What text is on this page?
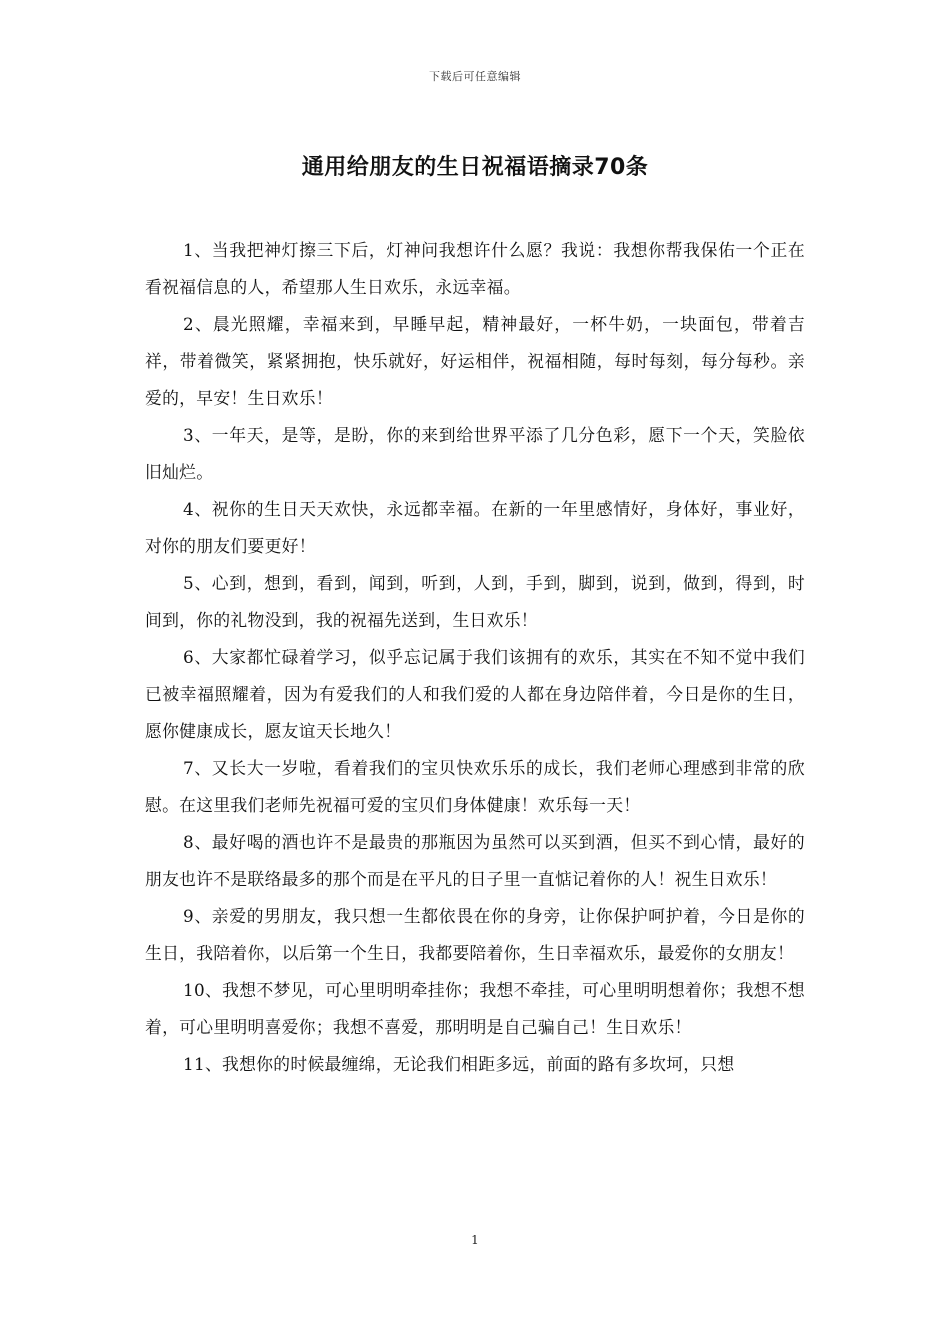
下载后可任意编辑
通用给朋友的生日祝福语摘录70条

1、当我把神灯擦三下后，灯神问我想许什么愿？我说：我想你帮我保佑一个正在看祝福信息的人，希望那人生日欢乐，永远幸福。

2、晨光照耀，幸福来到，早睡早起，精神最好，一杯牛奶，一块面包，带着吉祥，带着微笑，紧紧拥抱，快乐就好，好运相伴，祝福相随，每时每刻，每分每秒。亲爱的，早安！生日欢乐！

3、一年天，是等，是盼，你的来到给世界平添了几分色彩，愿下一个天，笑脸依旧灿烂。

4、祝你的生日天天欢快，永远都幸福。在新的一年里感情好，身体好，事业好，对你的朋友们要更好！

5、心到，想到，看到，闻到，听到，人到，手到，脚到，说到，做到，得到，时间到，你的礼物没到，我的祝福先送到，生日欢乐！

6、大家都忙碌着学习，似乎忘记属于我们该拥有的欢乐，其实在不知不觉中我们已被幸福照耀着，因为有爱我们的人和我们爱的人都在身边陪伴着，今日是你的生日，愿你健康成长，愿友谊天长地久！

7、又长大一岁啦，看着我们的宝贝快欢乐乐的成长，我们老师心理感到非常的欣慰。在这里我们老师先祝福可爱的宝贝们身体健康！欢乐每一天！

8、最好喝的酒也许不是最贵的那瓶因为虽然可以买到酒，但买不到心情，最好的朋友也许不是联络最多的那个而是在平凡的日子里一直惦记着你的人！祝生日欢乐！

9、亲爱的男朋友，我只想一生都依畏在你的身旁，让你保护呵护着，今日是你的生日，我陪着你，以后第一个生日，我都要陪着你，生日幸福欢乐，最爱你的女朋友！

10、我想不梦见，可心里明明牵挂你；我想不牵挂，可心里明明想着你；我想不想着，可心里明明喜爱你；我想不喜爱，那明明是自己骗自己！生日欢乐！

11、我想你的时候最缠绵，无论我们相距多远，前面的路有多坎坷，只想

1
